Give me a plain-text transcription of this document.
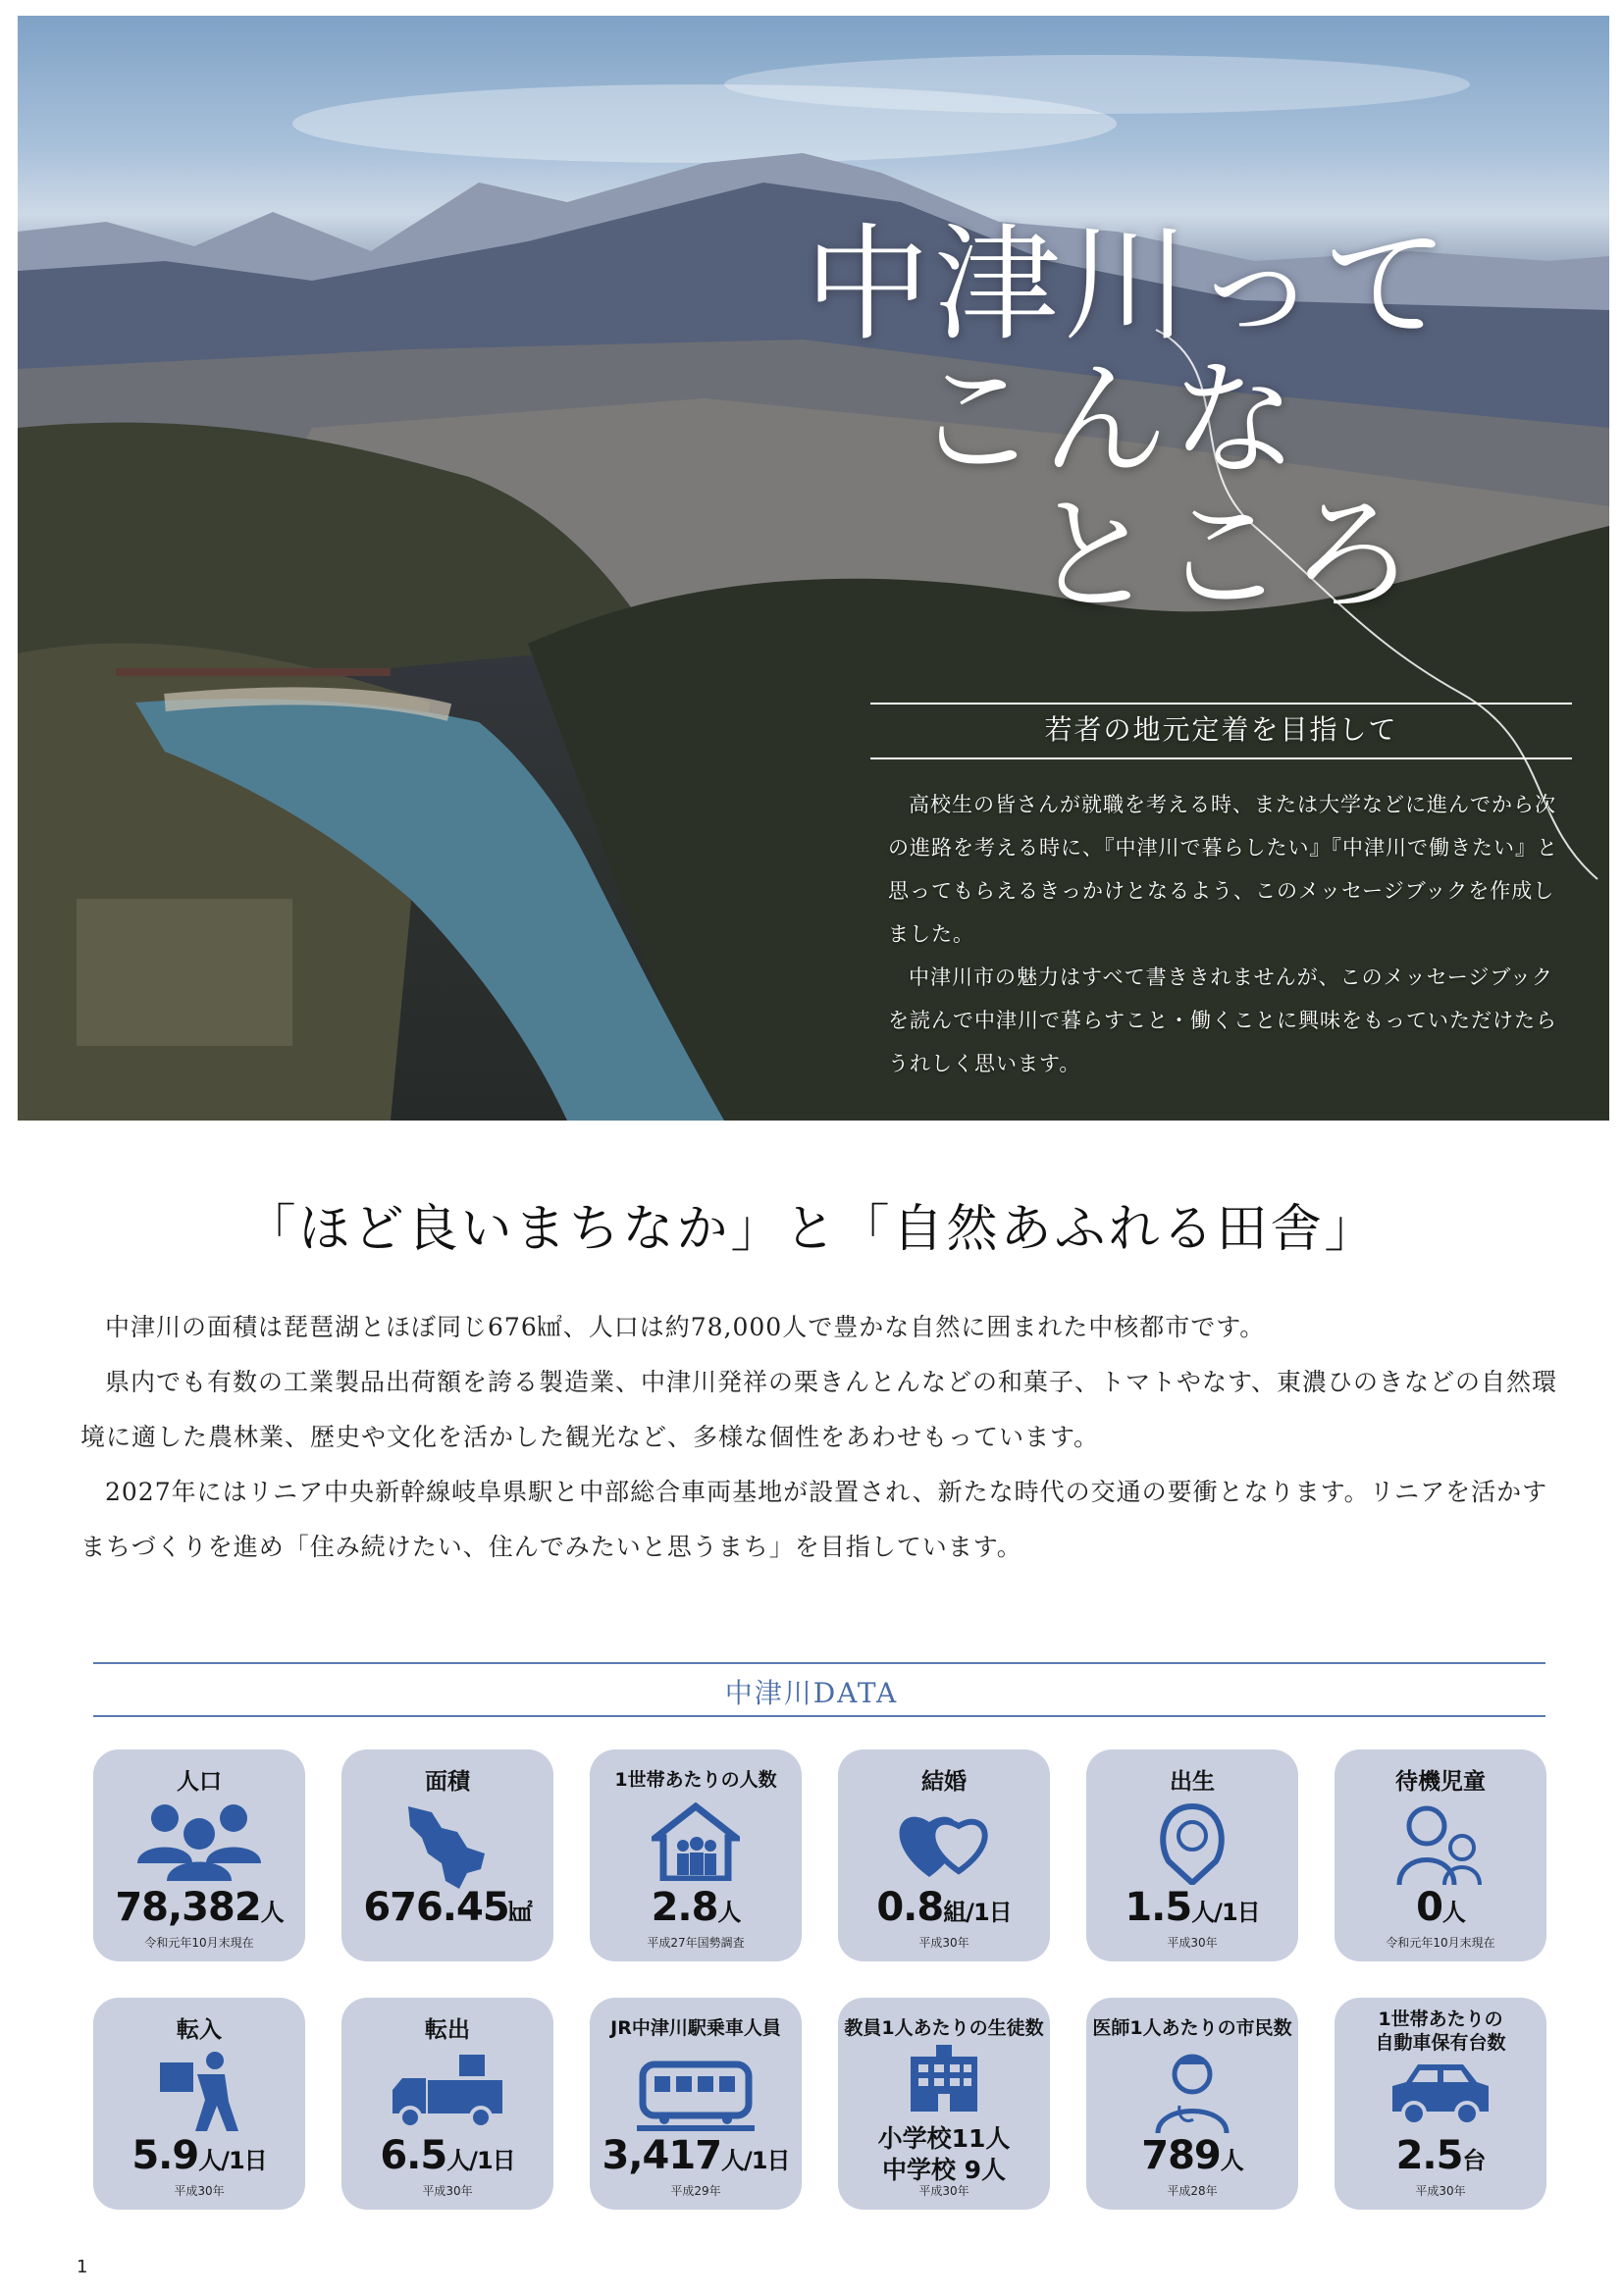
中津川って
こんな
ところ
若者の地元定着を目指して

高校生の皆さんが就職を考える時、または大学などに進んでから次の進路を考える時に、『中津川で暮らしたい』『中津川で働きたい』と思ってもらえるきっかけとなるよう、このメッセージブックを作成しました。

中津川市の魅力はすべて書ききれませんが、このメッセージブックを読んで中津川で暮らすこと・働くことに興味をもっていただけたらうれしく思います。

「ほど良いまちなか」と「自然あふれる田舎」

中津川の面積は琵琶湖とほぼ同じ676㎢、人口は約78,000人で豊かな自然に囲まれた中核都市です。

県内でも有数の工業製品出荷額を誇る製造業、中津川発祥の栗きんとんなどの和菓子、トマトやなす、東濃ひのきなどの自然環境に適した農林業、歴史や文化を活かした観光など、多様な個性をあわせもっています。

2027年にはリニア中央新幹線岐阜県駅と中部総合車両基地が設置され、新たな時代の交通の要衝となります。リニアを活かすまちづくりを進め「住み続けたい、住んでみたいと思うまち」を目指しています。

中津川DATA
人口
78,382人
令和元年10月末現在
面積
676.45㎢
1世帯あたりの人数
2.8人
平成27年国勢調査
結婚
0.8組/1日
平成30年
出生
1.5人/1日
平成30年
待機児童
0人
令和元年10月末現在
転入
5.9人/1日
平成30年
転出
6.5人/1日
平成30年
JR中津川駅乗車人員
3,417人/1日
平成29年
教員1人あたりの生徒数
小学校11人
中学校 9人
平成30年
医師1人あたりの市民数
789人
平成28年
1世帯あたりの
自動車保有台数
2.5台
平成30年
1
